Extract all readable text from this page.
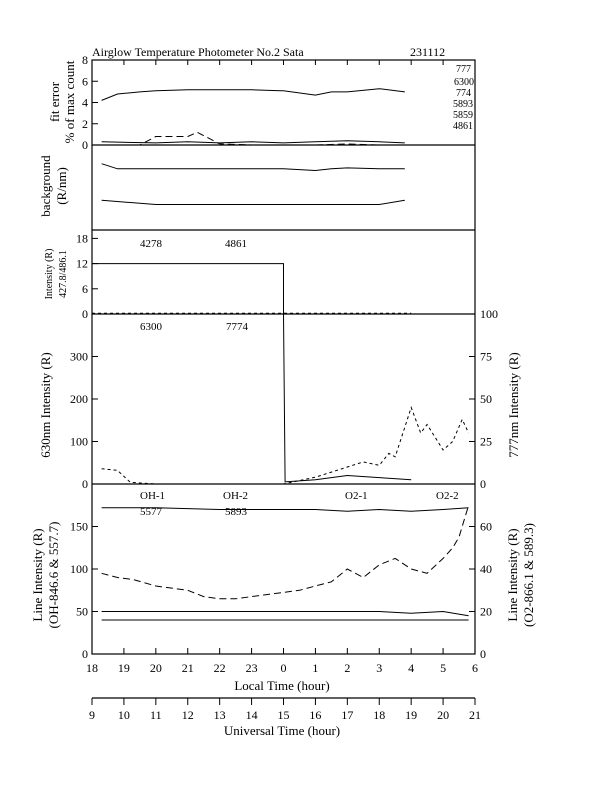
0
2
4
6
8
0
6
12
18
0
100
200
300
0
25
50
75
100
0
50
100
150
0
20
40
60
18 19 20 21 22 23 0 1 2 3 4 5 6
9 10 11 12 13 14 15 16 17 18 19 20 21
Airglow Temperature Photometer No.2 Sata	231112
fit error % of max count
background (R/nm)
Intensity (R) 427.8/486.1
630nm Intensity (R)	777nm Intensity (R)
Line Intensity (R) (OH-846.6 & 557.7)	Line Intensity (R) (O2-866.1 & 589.3)
4278	4861
6300	7774
OH-1	OH-2	O2-1	O2-2
5577	5893
777
6300
774
5893
5859
4861
Local Time (hour)
Universal Time (hour)
